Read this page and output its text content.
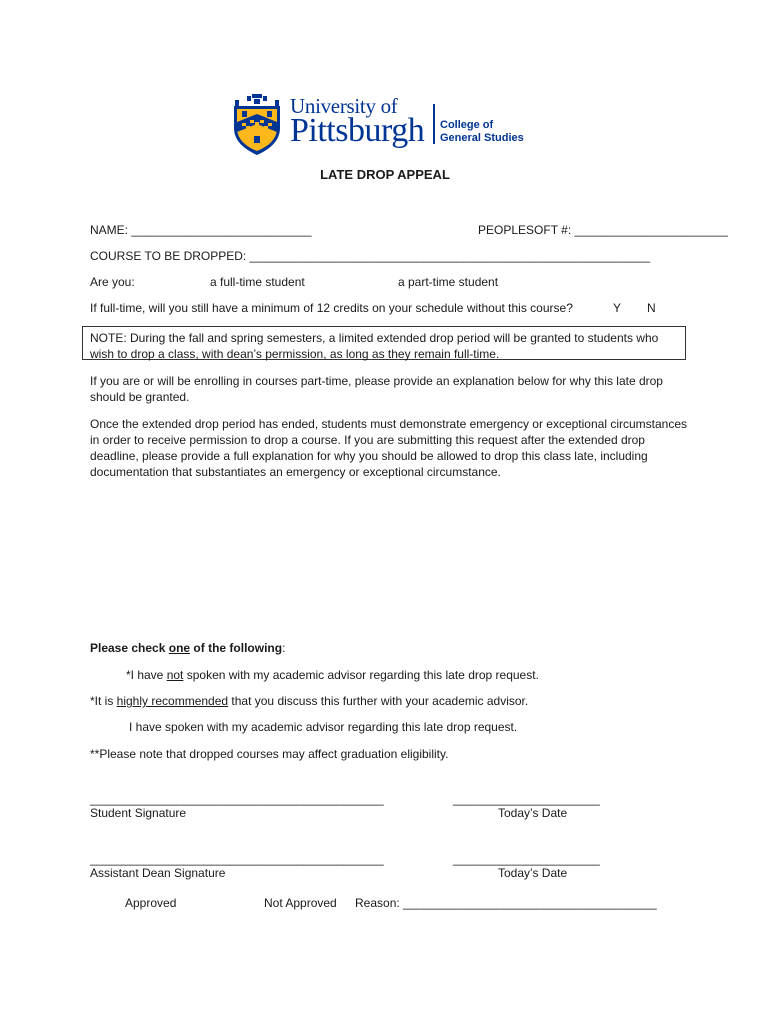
University of
Pittsburgh College of
General Studies
LATE DROP APPEAL
NAME: ___________________________	PEOPLESOFT #: _______________________
COURSE TO BE DROPPED: ____________________________________________________________
Are you:	a full-time student	a part-time student
If full-time, will you still have a minimum of 12 credits on your schedule without this course?	Y N
NOTE: During the fall and spring semesters, a limited extended drop period will be granted to students who wish to drop a class, with dean’s permission, as long as they remain full-time.
If you are or will be enrolling in courses part-time, please provide an explanation below for why this late drop should be granted.
Once the extended drop period has ended, students must demonstrate emergency or exceptional circumstances in order to receive permission to drop a course. If you are submitting this request after the extended drop deadline, please provide a full explanation for why you should be allowed to drop this class late, including documentation that substantiates an emergency or exceptional circumstance.
Please check one of the following:
*I have not spoken with my academic advisor regarding this late drop request.
*It is highly recommended that you discuss this further with your academic advisor.
I have spoken with my academic advisor regarding this late drop request.
**Please note that dropped courses may affect graduation eligibility.
____________________________________________	______________________
Student Signature	Today’s Date
____________________________________________	______________________
Assistant Dean Signature	Today’s Date
Approved	Not Approved Reason: ______________________________________
